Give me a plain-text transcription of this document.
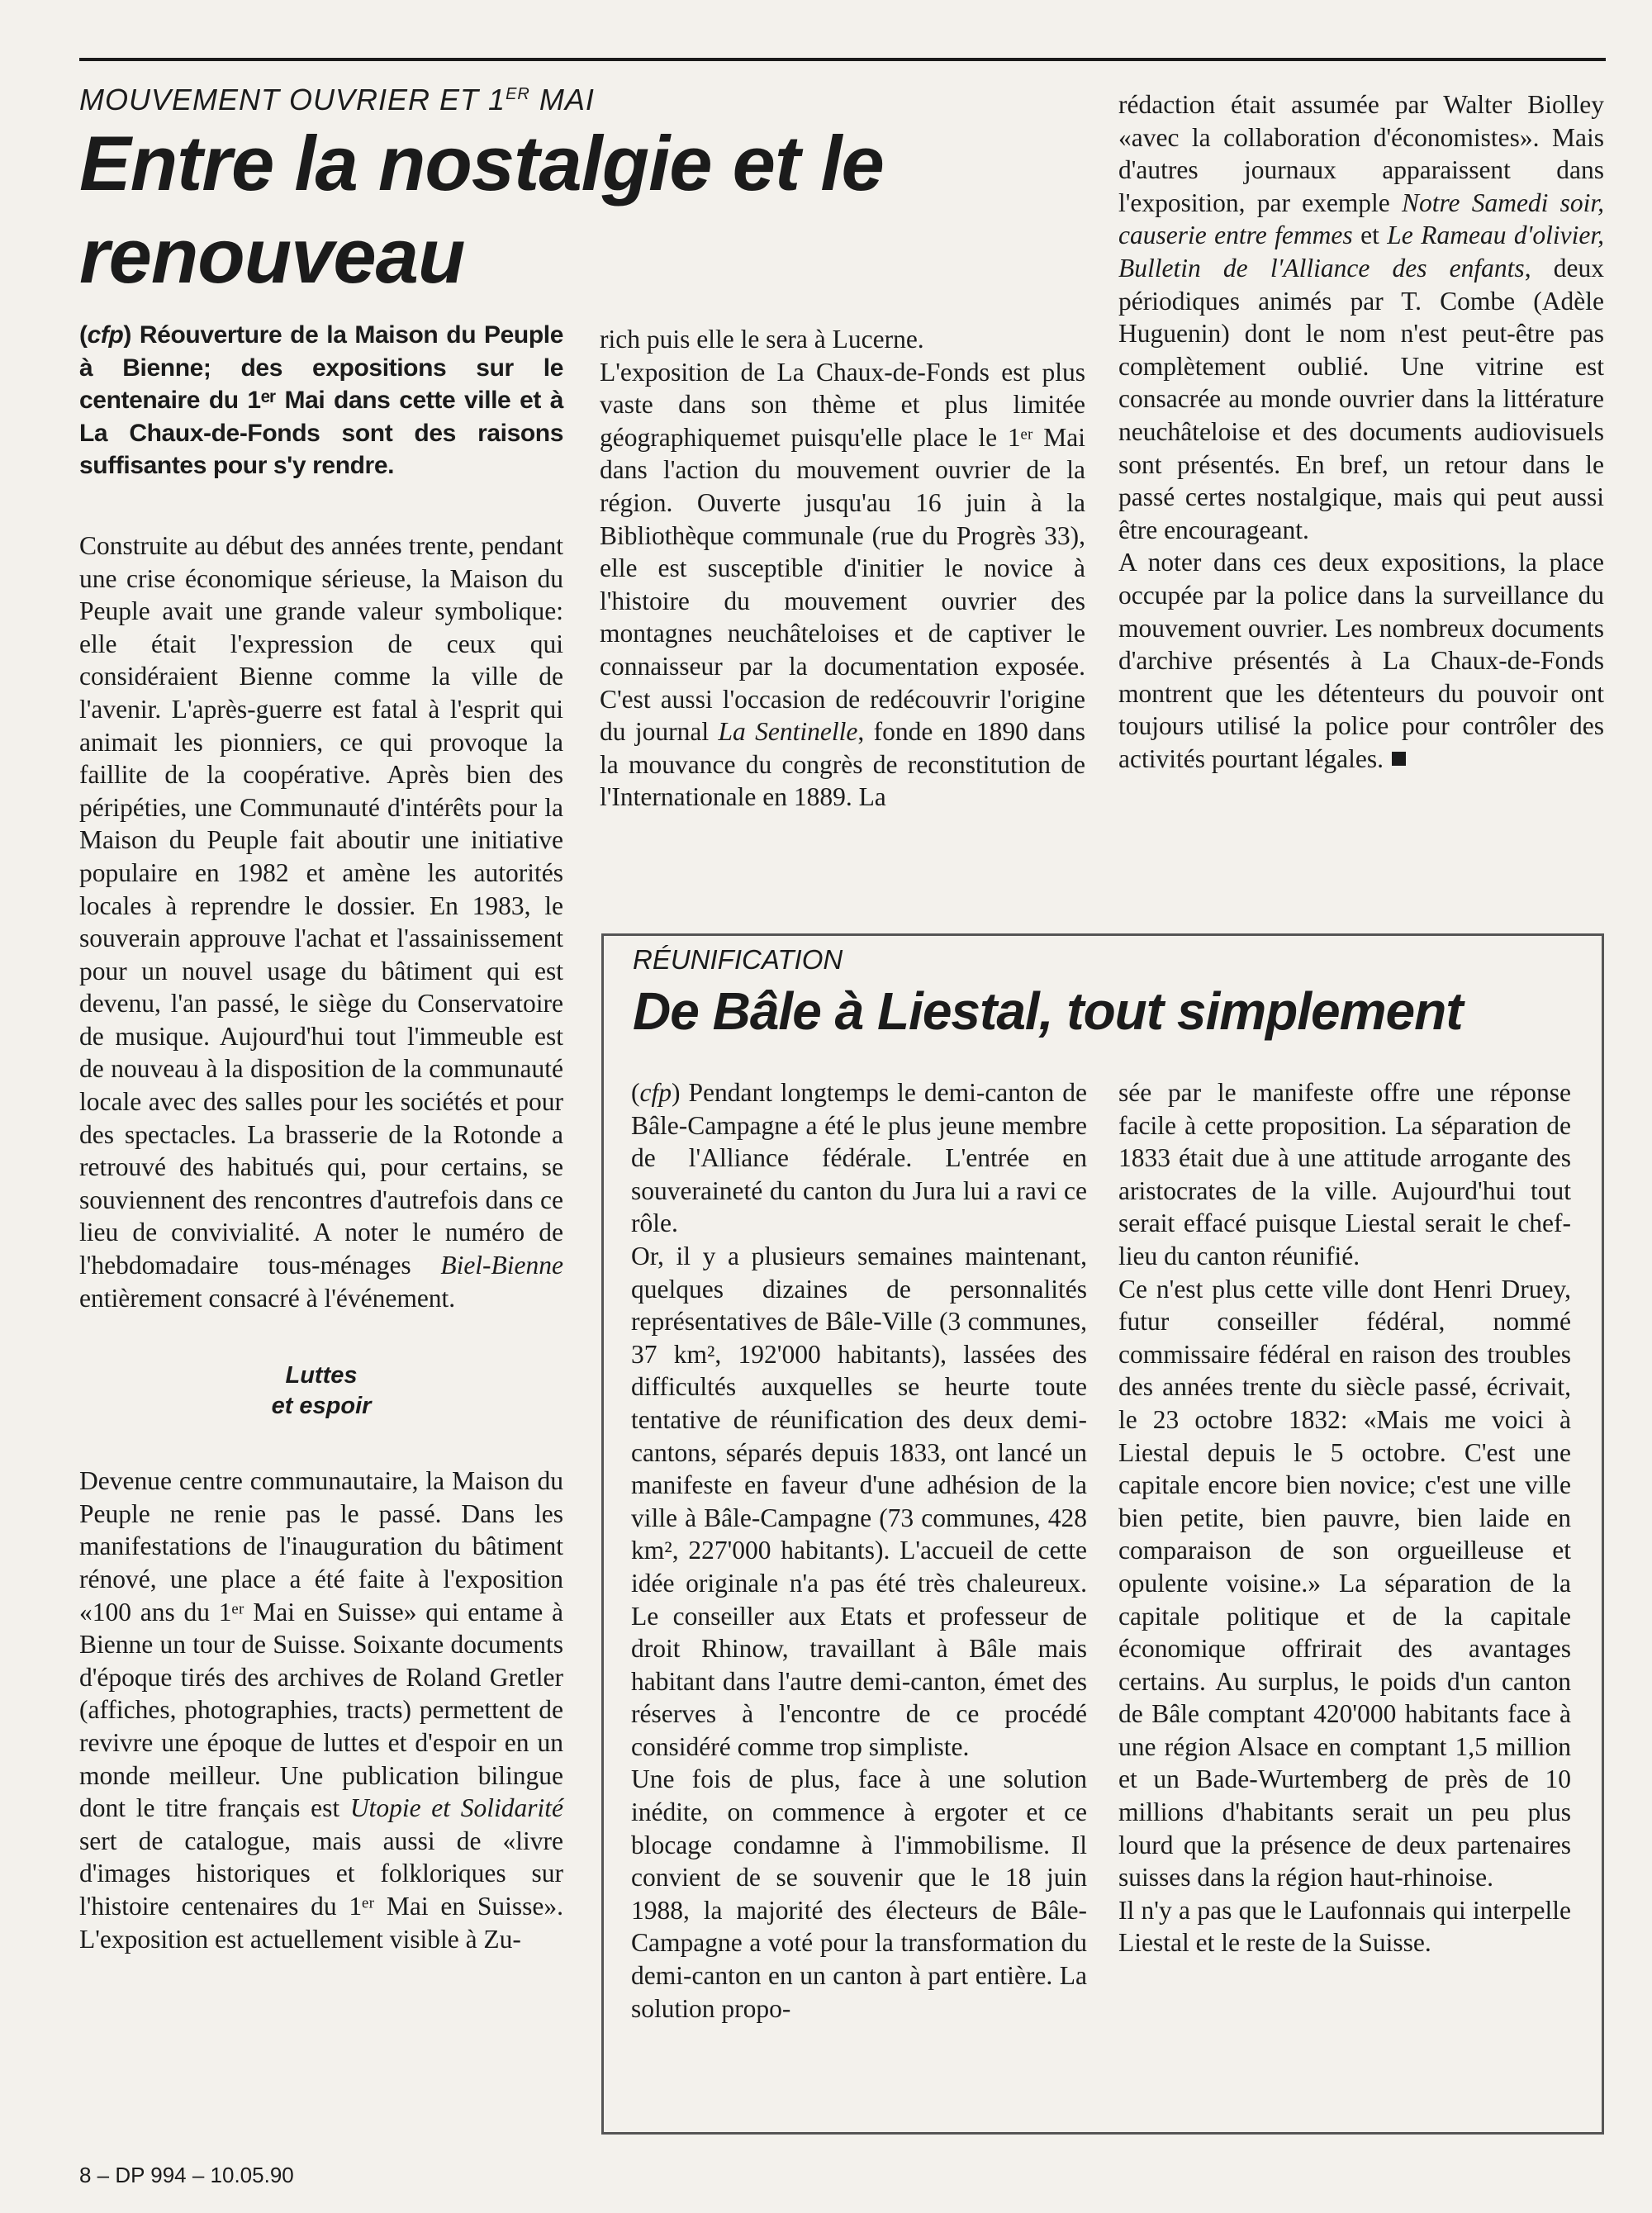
MOUVEMENT OUVRIER ET 1ER MAI
Entre la nostalgie et le renouveau

(cfp) Réouverture de la Maison du Peuple à Bienne; des expositions sur le centenaire du 1ᵉʳ Mai dans cette ville et à La Chaux-de-Fonds sont des raisons suffisantes pour s'y rendre.

Construite au début des années trente, pendant une crise économique sérieuse, la Maison du Peuple avait une grande valeur symbolique: elle était l'expression de ceux qui considéraient Bienne comme la ville de l'avenir. L'après-guerre est fatal à l'esprit qui animait les pionniers, ce qui provoque la faillite de la coopérative. Après bien des péripéties, une Communauté d'intérêts pour la Maison du Peuple fait aboutir une initiative populaire en 1982 et amène les autorités locales à reprendre le dossier. En 1983, le souverain approuve l'achat et l'assainissement pour un nouvel usage du bâtiment qui est devenu, l'an passé, le siège du Conservatoire de musique. Aujourd'hui tout l'immeuble est de nouveau à la disposition de la communauté locale avec des salles pour les sociétés et pour des spectacles. La brasserie de la Rotonde a retrouvé des habitués qui, pour certains, se souviennent des rencontres d'autrefois dans ce lieu de convivialité. A noter le numéro de l'hebdomadaire tous-ménages Biel-Bienne entièrement consacré à l'événement.

Luttes
et espoir

Devenue centre communautaire, la Maison du Peuple ne renie pas le passé. Dans les manifestations de l'inauguration du bâtiment rénové, une place a été faite à l'exposition «100 ans du 1ᵉʳ Mai en Suisse» qui entame à Bienne un tour de Suisse. Soixante documents d'époque tirés des archives de Roland Gretler (affiches, photographies, tracts) permettent de revivre une époque de luttes et d'espoir en un monde meilleur. Une publication bilingue dont le titre français est Utopie et Solidarité sert de catalogue, mais aussi de «livre d'images historiques et folkloriques sur l'histoire centenaires du 1ᵉʳ Mai en Suisse». L'exposition est actuellement visible à Zu-

rich puis elle le sera à Lucerne.

L'exposition de La Chaux-de-Fonds est plus vaste dans son thème et plus limitée géographiquemet puisqu'elle place le 1ᵉʳ Mai dans l'action du mouvement ouvrier de la région. Ouverte jusqu'au 16 juin à la Bibliothèque communale (rue du Progrès 33), elle est susceptible d'initier le novice à l'histoire du mouvement ouvrier des montagnes neuchâteloises et de captiver le connaisseur par la documentation exposée. C'est aussi l'occasion de redécouvrir l'origine du journal La Sentinelle, fonde en 1890 dans la mouvance du congrès de reconstitution de l'Internationale en 1889. La

rédaction était assumée par Walter Biolley «avec la collaboration d'économistes». Mais d'autres journaux apparaissent dans l'exposition, par exemple Notre Samedi soir, causerie entre femmes et Le Rameau d'olivier, Bulletin de l'Alliance des enfants, deux périodiques animés par T. Combe (Adèle Huguenin) dont le nom n'est peut-être pas complètement oublié. Une vitrine est consacrée au monde ouvrier dans la littérature neuchâteloise et des documents audiovisuels sont présentés. En bref, un retour dans le passé certes nostalgique, mais qui peut aussi être encourageant.

A noter dans ces deux expositions, la place occupée par la police dans la surveillance du mouvement ouvrier. Les nombreux documents d'archive présentés à La Chaux-de-Fonds montrent que les détenteurs du pouvoir ont toujours utilisé la police pour contrôler des activités pourtant légales.

RÉUNIFICATION
De Bâle à Liestal, tout simplement

(cfp) Pendant longtemps le demi-canton de Bâle-Campagne a été le plus jeune membre de l'Alliance fédérale. L'entrée en souveraineté du canton du Jura lui a ravi ce rôle.

Or, il y a plusieurs semaines maintenant, quelques dizaines de personnalités représentatives de Bâle-Ville (3 communes, 37 km², 192'000 habitants), lassées des difficultés auxquelles se heurte toute tentative de réunification des deux demi-cantons, séparés depuis 1833, ont lancé un manifeste en faveur d'une adhésion de la ville à Bâle-Campagne (73 communes, 428 km², 227'000 habitants). L'accueil de cette idée originale n'a pas été très chaleureux. Le conseiller aux Etats et professeur de droit Rhinow, travaillant à Bâle mais habitant dans l'autre demi-canton, émet des réserves à l'encontre de ce procédé considéré comme trop simpliste.

Une fois de plus, face à une solution inédite, on commence à ergoter et ce blocage condamne à l'immobilisme. Il convient de se souvenir que le 18 juin 1988, la majorité des électeurs de Bâle-Campagne a voté pour la transformation du demi-canton en un canton à part entière. La solution propo-

sée par le manifeste offre une réponse facile à cette proposition. La séparation de 1833 était due à une attitude arrogante des aristocrates de la ville. Aujourd'hui tout serait effacé puisque Liestal serait le chef-lieu du canton réunifié.

Ce n'est plus cette ville dont Henri Druey, futur conseiller fédéral, nommé commissaire fédéral en raison des troubles des années trente du siècle passé, écrivait, le 23 octobre 1832: «Mais me voici à Liestal depuis le 5 octobre. C'est une capitale encore bien novice; c'est une ville bien petite, bien pauvre, bien laide en comparaison de son orgueilleuse et opulente voisine.» La séparation de la capitale politique et de la capitale économique offrirait des avantages certains. Au surplus, le poids d'un canton de Bâle comptant 420'000 habitants face à une région Alsace en comptant 1,5 million et un Bade-Wurtemberg de près de 10 millions d'habitants serait un peu plus lourd que la présence de deux partenaires suisses dans la région haut-rhinoise.

Il n'y a pas que le Laufonnais qui interpelle Liestal et le reste de la Suisse.

8 – DP 994 – 10.05.90
